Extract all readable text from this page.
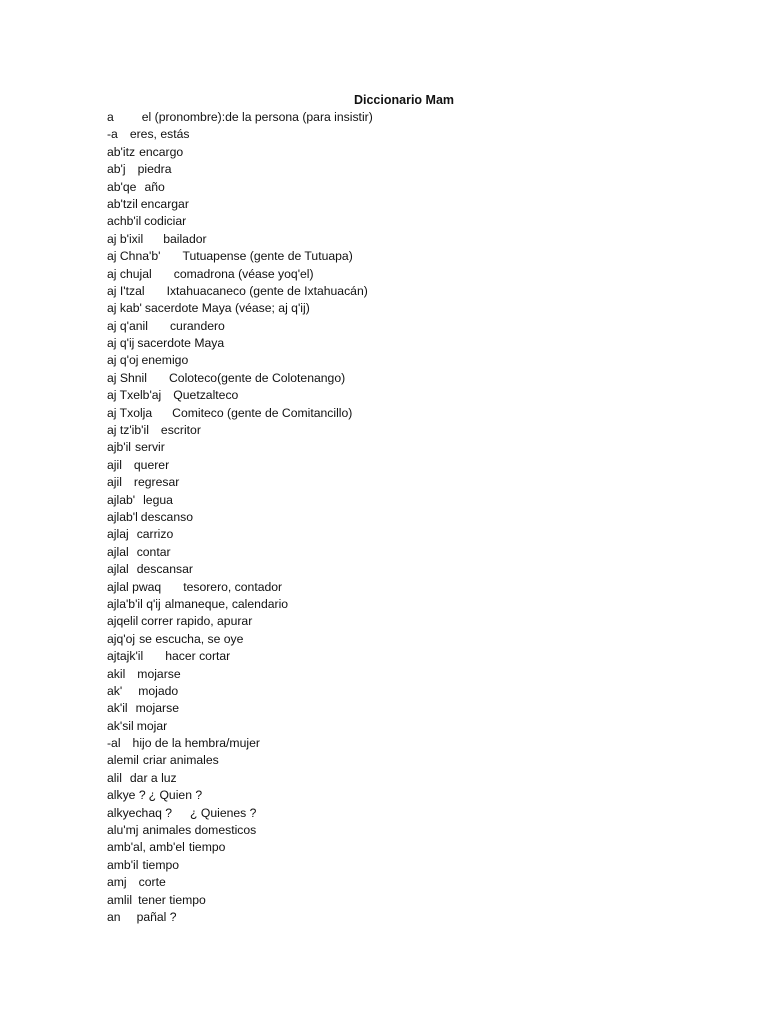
Diccionario Mam
a el (pronombre):de la persona (para insistir)
-a eres, estás
ab'itz encargo
ab'j piedra
ab'qe año
ab'tzil encargar
achb'il codiciar
aj b'ixil bailador
aj Chna'b' Tutuapense (gente de Tutuapa)
aj chujal comadrona (véase yoq'el)
aj I'tzal Ixtahuacaneco (gente de Ixtahuacán)
aj kab' sacerdote Maya (véase; aj q'ij)
aj q'anil curandero
aj q'ij sacerdote Maya
aj q'oj enemigo
aj Shnil Coloteco(gente de Colotenango)
aj Txelb'aj Quetzalteco
aj Txolja Comiteco (gente de Comitancillo)
aj tz'ib'il escritor
ajb'il servir
ajil querer
ajil regresar
ajlab' legua
ajlab'l descanso
ajlaj carrizo
ajlal contar
ajlal descansar
ajlal pwaq tesorero, contador
ajla'b'il q'ij almaneque, calendario
ajqelil correr rapido, apurar
ajq'oj se escucha, se oye
ajtajk'il hacer cortar
akil mojarse
ak' mojado
ak'il mojarse
ak'sil mojar
-al hijo de la hembra/mujer
alemil criar animales
alil dar a luz
alkye ? ¿ Quien ?
alkyechaq ? ¿ Quienes ?
alu'mj animales domesticos
amb'al, amb'el tiempo
amb'il tiempo
amj corte
amlil tener tiempo
an pañal ?
